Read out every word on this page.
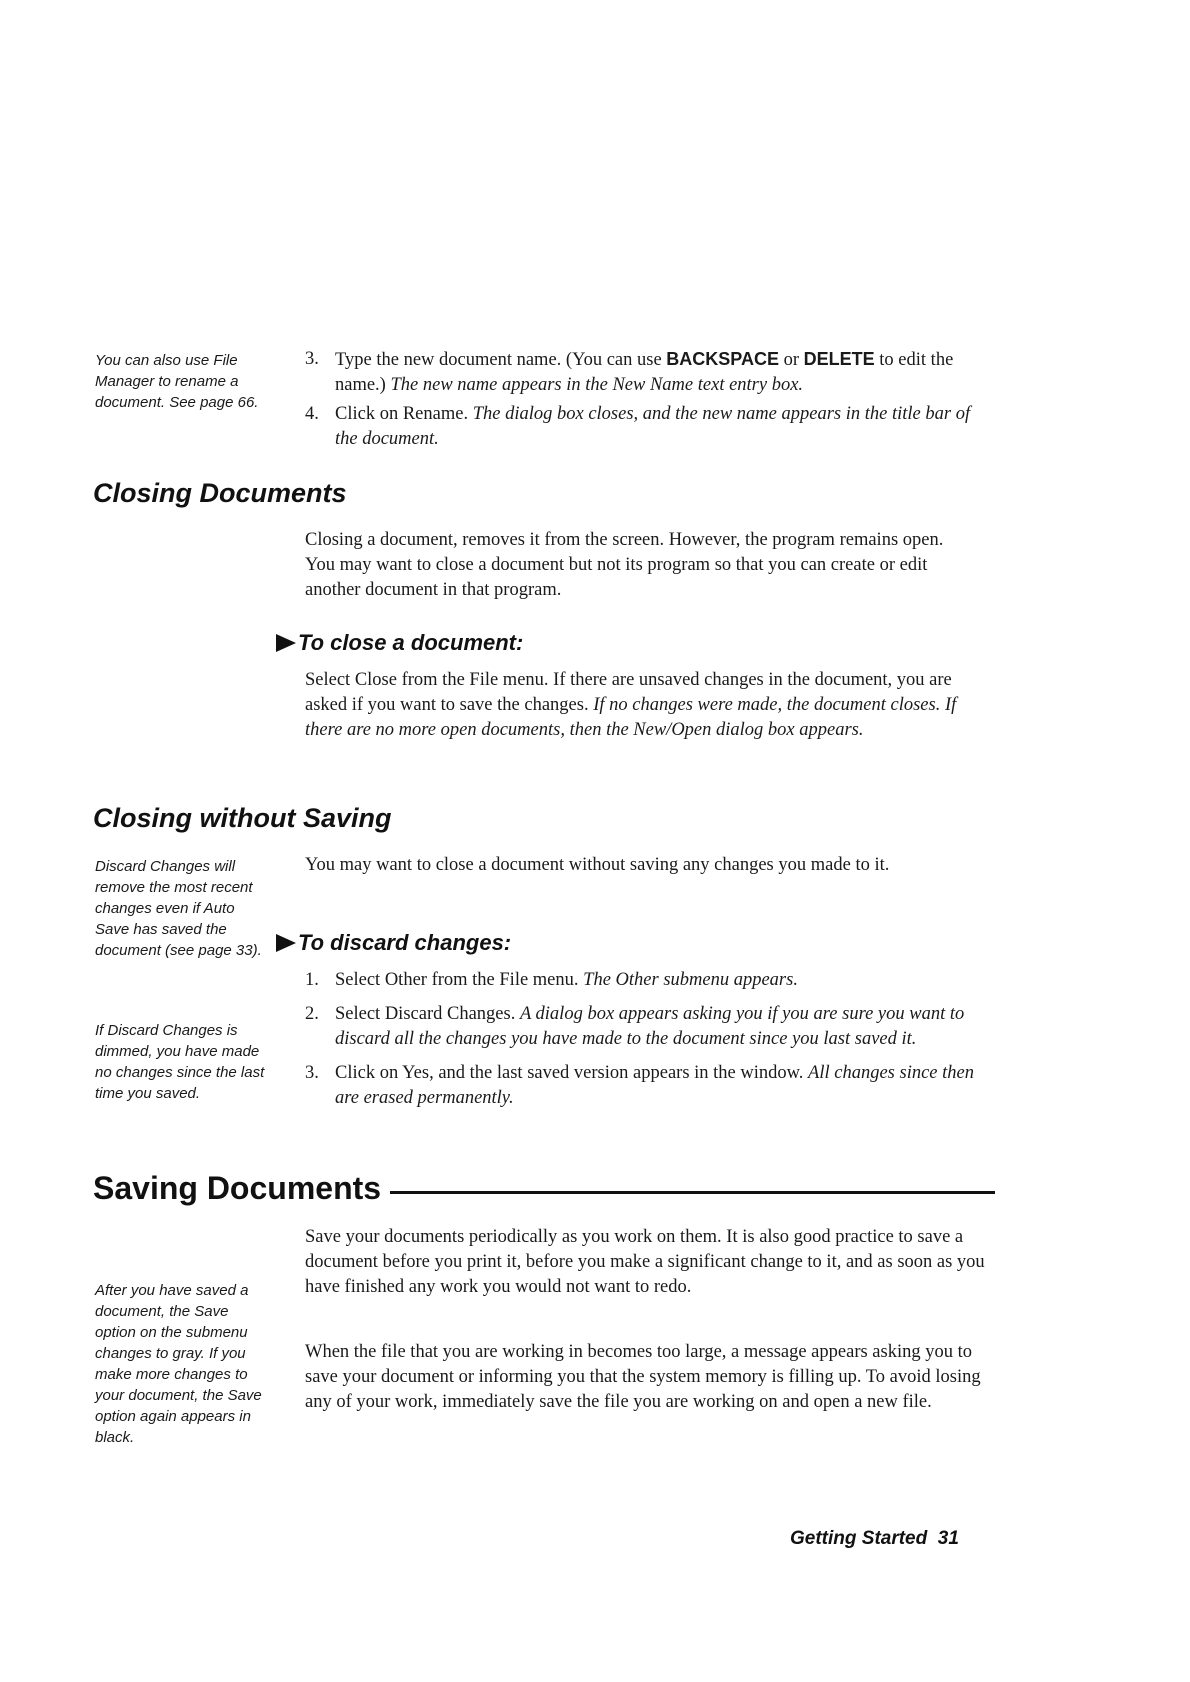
You can also use File Manager to rename a document. See page 66.
Discard Changes will remove the most recent changes even if Auto Save has saved the document (see page 33).
If Discard Changes is dimmed, you have made no changes since the last time you saved.
After you have saved a document, the Save option on the submenu changes to gray. If you make more changes to your document, the Save option again appears in black.
3. Type the new document name. (You can use BACKSPACE or DELETE to edit the name.) The new name appears in the New Name text entry box.
4. Click on Rename. The dialog box closes, and the new name appears in the title bar of the document.
Closing Documents
Closing a document, removes it from the screen. However, the program remains open. You may want to close a document but not its program so that you can create or edit another document in that program.
To close a document:
Select Close from the File menu. If there are unsaved changes in the document, you are asked if you want to save the changes. If no changes were made, the document closes. If there are no more open documents, then the New/Open dialog box appears.
Closing without Saving
You may want to close a document without saving any changes you made to it.
To discard changes:
1. Select Other from the File menu. The Other submenu appears.
2. Select Discard Changes. A dialog box appears asking you if you are sure you want to discard all the changes you have made to the document since you last saved it.
3. Click on Yes, and the last saved version appears in the window. All changes since then are erased permanently.
Saving Documents
Save your documents periodically as you work on them. It is also good practice to save a document before you print it, before you make a significant change to it, and as soon as you have finished any work you would not want to redo.
When the file that you are working in becomes too large, a message appears asking you to save your document or informing you that the system memory is filling up. To avoid losing any of your work, immediately save the file you are working on and open a new file.
Getting Started 31
